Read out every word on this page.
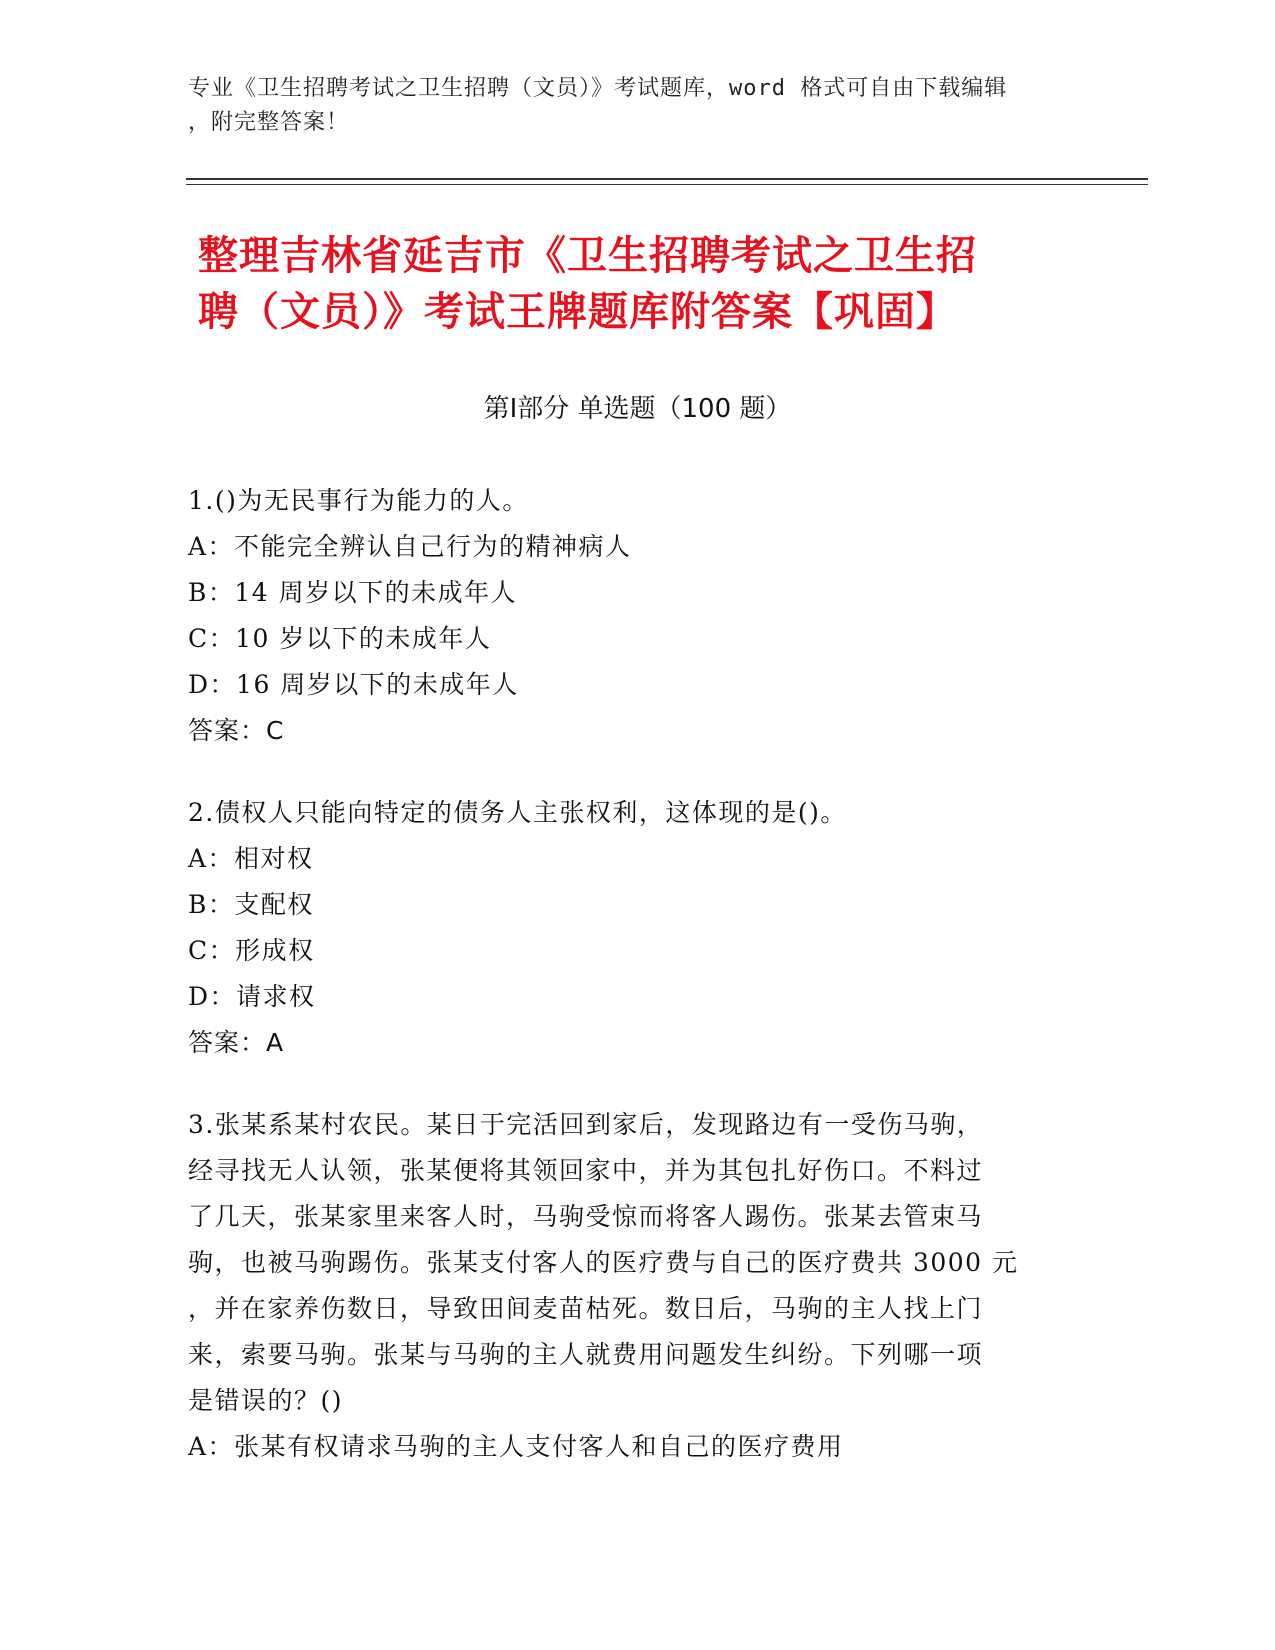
专业《卫生招聘考试之卫生招聘（文员）》考试题库，word 格式可自由下载编辑
，附完整答案！
整理吉林省延吉市《卫生招聘考试之卫生招
聘（文员）》考试王牌题库附答案【巩固】
第Ⅰ部分 单选题（100 题）
1.()为无民事行为能力的人。
A：不能完全辨认自己行为的精神病人
B：14 周岁以下的未成年人
C：10 岁以下的未成年人
D：16 周岁以下的未成年人
答案：C
2.债权人只能向特定的债务人主张权利，这体现的是()。
A：相对权
B：支配权
C：形成权
D：请求权
答案：A
3.张某系某村农民。某日于完活回到家后，发现路边有一受伤马驹，
经寻找无人认领，张某便将其领回家中，并为其包扎好伤口。不料过
了几天，张某家里来客人时，马驹受惊而将客人踢伤。张某去管束马
驹，也被马驹踢伤。张某支付客人的医疗费与自己的医疗费共 3000 元
，并在家养伤数日，导致田间麦苗枯死。数日后，马驹的主人找上门
来，索要马驹。张某与马驹的主人就费用问题发生纠纷。下列哪一项
是错误的？()
A：张某有权请求马驹的主人支付客人和自己的医疗费用
